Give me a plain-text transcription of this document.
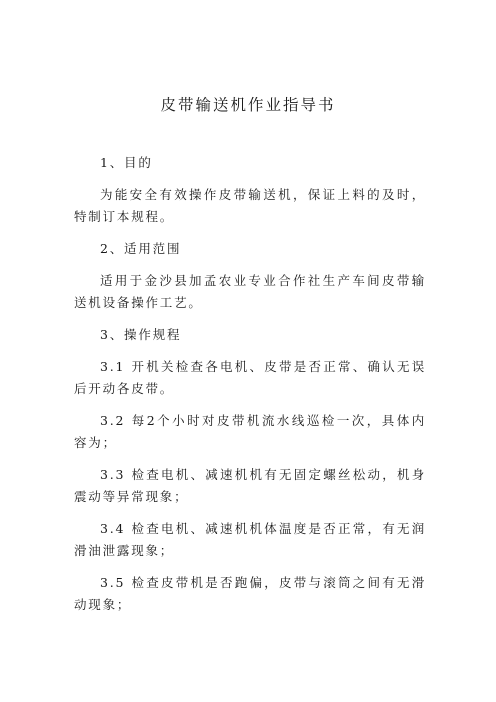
皮带输送机作业指导书

1、目的

为能安全有效操作皮带输送机，保证上料的及时，特制订本规程。

2、适用范围

适用于金沙县加孟农业专业合作社生产车间皮带输送机设备操作工艺。

3、操作规程

3.1 开机关检查各电机、皮带是否正常、确认无误后开动各皮带。

3.2 每2个小时对皮带机流水线巡检一次，具体内容为；

3.3 检查电机、减速机机有无固定螺丝松动，机身震动等异常现象；

3.4 检查电机、减速机机体温度是否正常，有无润滑油泄露现象；

3.5 检查皮带机是否跑偏，皮带与滚筒之间有无滑动现象；
